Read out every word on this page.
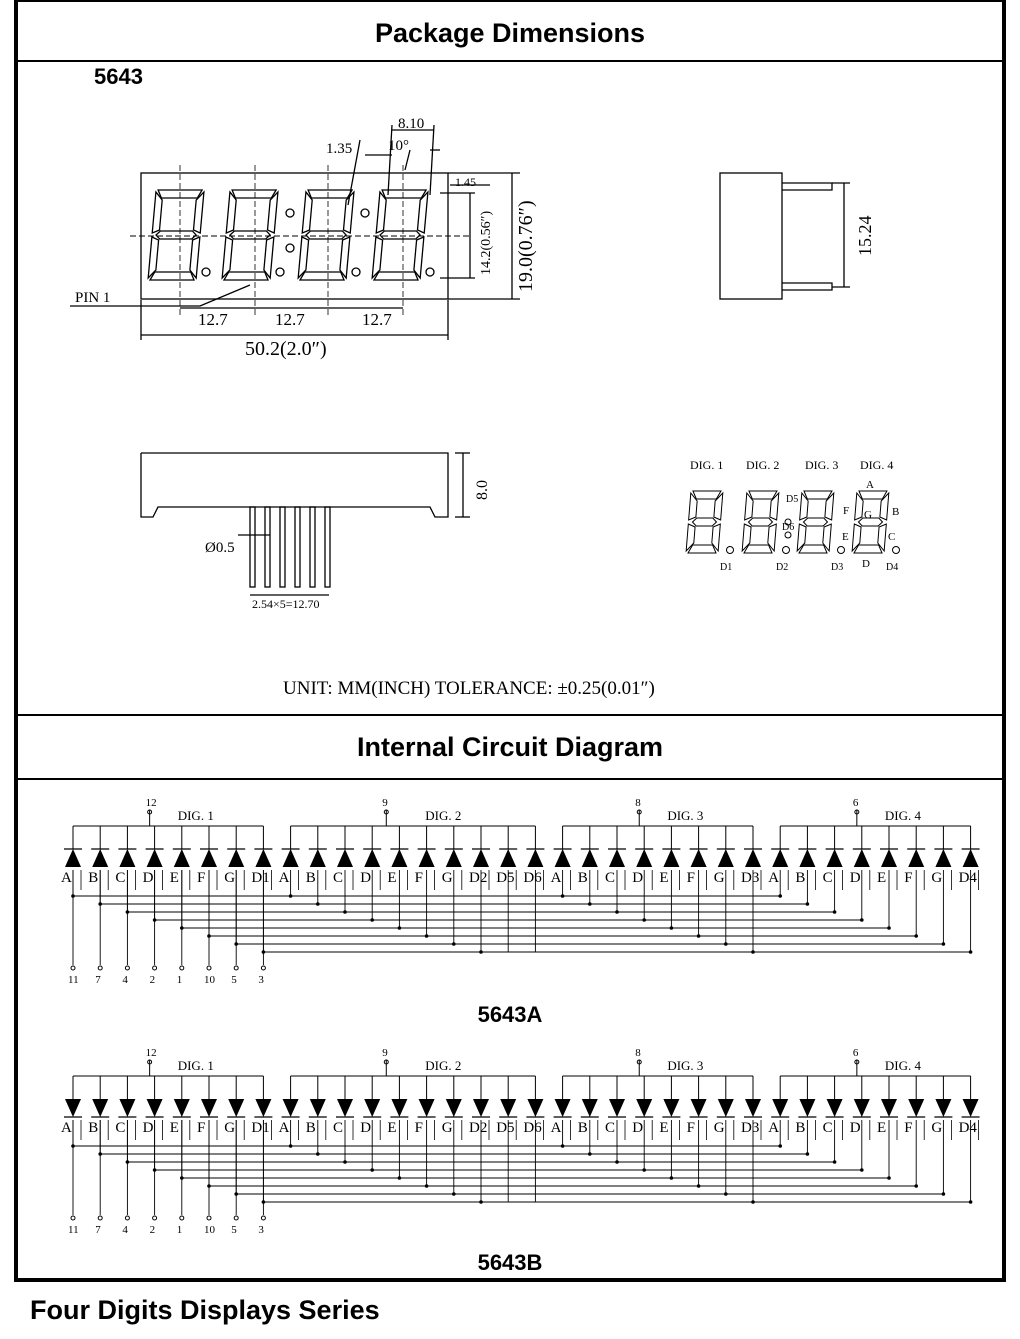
Package Dimensions
5643
Internal Circuit Diagram
5643A
5643B
50.2(2.0″)
12.7	12.7	12.7
PIN 1
1.35
8.10
10°
1.45
19.0(0.76″)
14.2(0.56″)	15.24
8.0
Ø0.5
2.54×5=12.70
UNIT: MM(INCH) TOLERANCE: ±0.25(0.01″)
DIG. 1 DIG. 2 DIG. 3 DIG. 4
D1	D2	D3	D4
D5
D6
A
B
C
D
E
F G
A B C D E F G D1
12
DIG. 1
A B C D E F G D2 D5 D6
9
DIG. 2
A B C D E F G D3
8
DIG. 3
A B C D E F G D4
6
DIG. 4
11 7 4 2 1 10 5 3
A B C D E F G D1
12
DIG. 1
A B C D E F G D2 D5 D6
9
DIG. 2
A B C D E F G D3
8
DIG. 3
A B C D E F G D4
6
DIG. 4
11 7 4 2 1 10 5 3
Four Digits Displays Series
